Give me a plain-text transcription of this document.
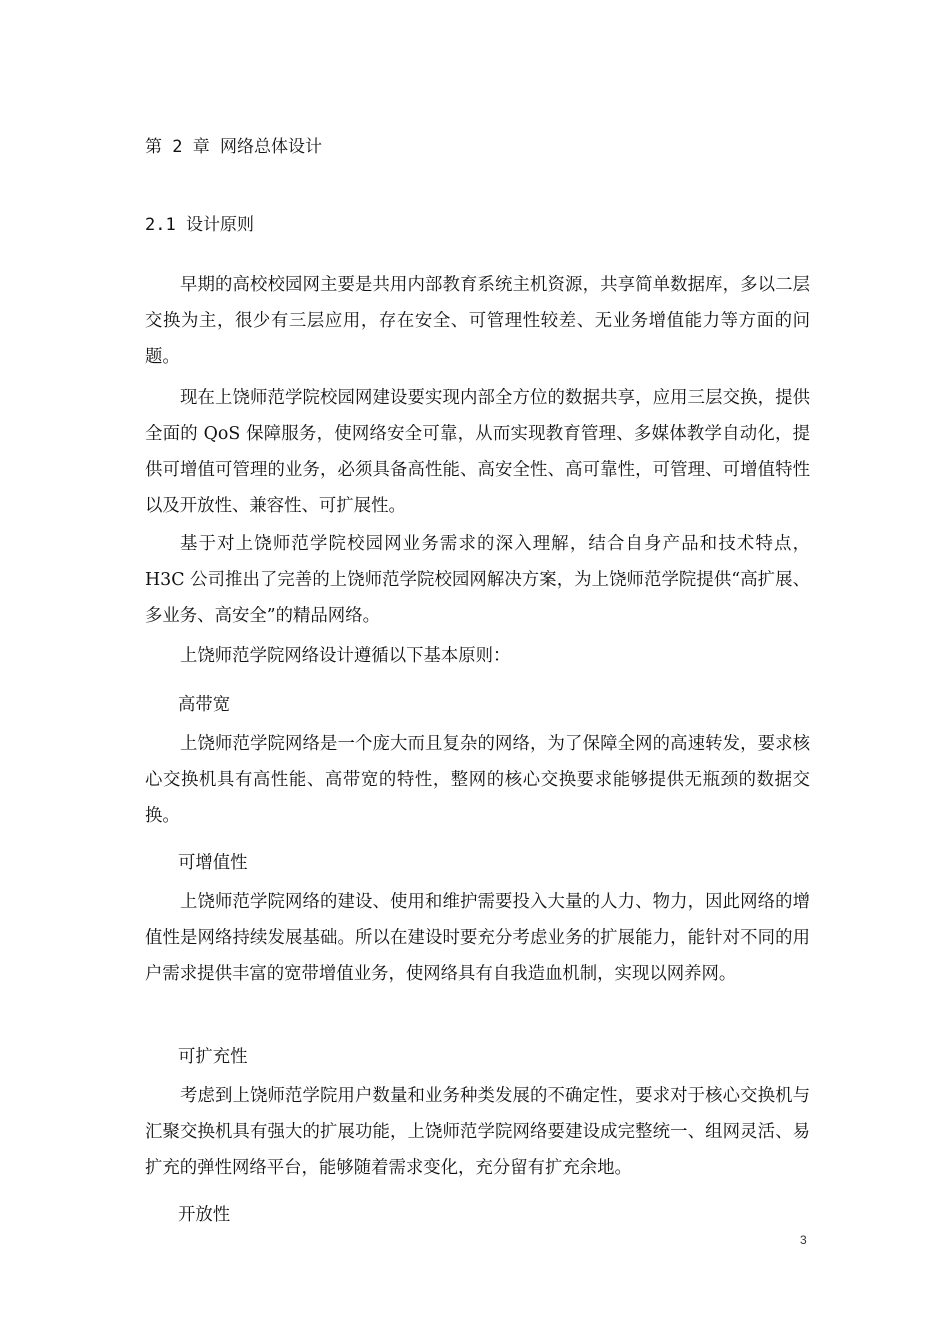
第 2 章 网络总体设计
2.1 设计原则

早期的高校校园网主要是共用内部教育系统主机资源，共享简单数据库，多以二层交换为主，很少有三层应用，存在安全、可管理性较差、无业务增值能力等方面的问题。

现在上饶师范学院校园网建设要实现内部全方位的数据共享，应用三层交换，提供全面的 QoS 保障服务，使网络安全可靠，从而实现教育管理、多媒体教学自动化，提供可增值可管理的业务，必须具备高性能、高安全性、高可靠性，可管理、可增值特性以及开放性、兼容性、可扩展性。

基于对上饶师范学院校园网业务需求的深入理解，结合自身产品和技术特点，H3C 公司推出了完善的上饶师范学院校园网解决方案，为上饶师范学院提供“高扩展、多业务、高安全”的精品网络。

上饶师范学院网络设计遵循以下基本原则：

高带宽

上饶师范学院网络是一个庞大而且复杂的网络，为了保障全网的高速转发，要求核心交换机具有高性能、高带宽的特性，整网的核心交换要求能够提供无瓶颈的数据交换。

可增值性

上饶师范学院网络的建设、使用和维护需要投入大量的人力、物力，因此网络的增值性是网络持续发展基础。所以在建设时要充分考虑业务的扩展能力，能针对不同的用户需求提供丰富的宽带增值业务，使网络具有自我造血机制，实现以网养网。

可扩充性

考虑到上饶师范学院用户数量和业务种类发展的不确定性，要求对于核心交换机与汇聚交换机具有强大的扩展功能，上饶师范学院网络要建设成完整统一、组网灵活、易扩充的弹性网络平台，能够随着需求变化，充分留有扩充余地。

开放性

3
